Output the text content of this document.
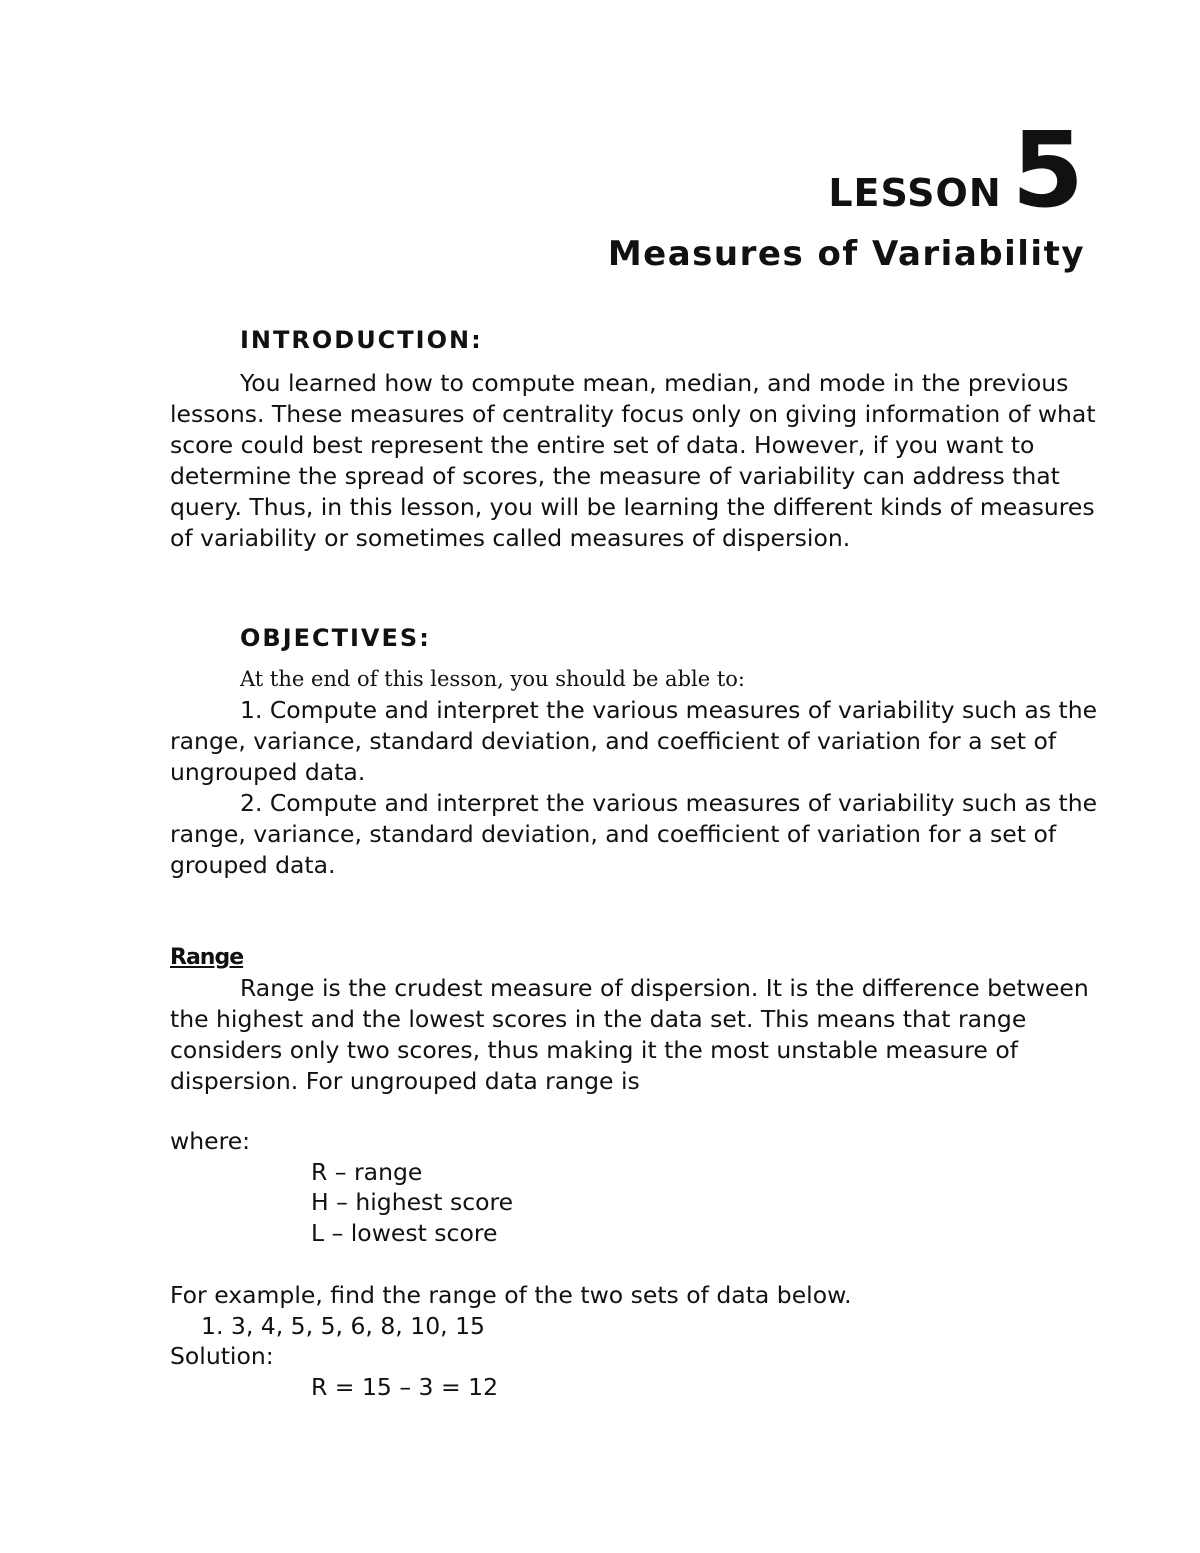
LESSON5
Measures of Variability
INTRODUCTION:

You learned how to compute mean, median, and mode in the previous lessons. These measures of centrality focus only on giving information of what score could best represent the entire set of data. However, if you want to determine the spread of scores, the measure of variability can address that query. Thus, in this lesson, you will be learning the different kinds of measures of variability or sometimes called measures of dispersion.

OBJECTIVES:
At the end of this lesson, you should be able to:

1. Compute and interpret the various measures of variability such as the range, variance, standard deviation, and coefficient of variation for a set of ungrouped data.

2. Compute and interpret the various measures of variability such as the range, variance, standard deviation, and coefficient of variation for a set of grouped data.

Range

Range is the crudest measure of dispersion. It is the difference between the highest and the lowest scores in the data set. This means that range considers only two scores, thus making it the most unstable measure of dispersion. For ungrouped data range is

where:
R – range
H – highest score
L – lowest score
For example, find the range of the two sets of data below.
1. 3, 4, 5, 5, 6, 8, 10, 15
Solution:
R = 15 – 3 = 12
